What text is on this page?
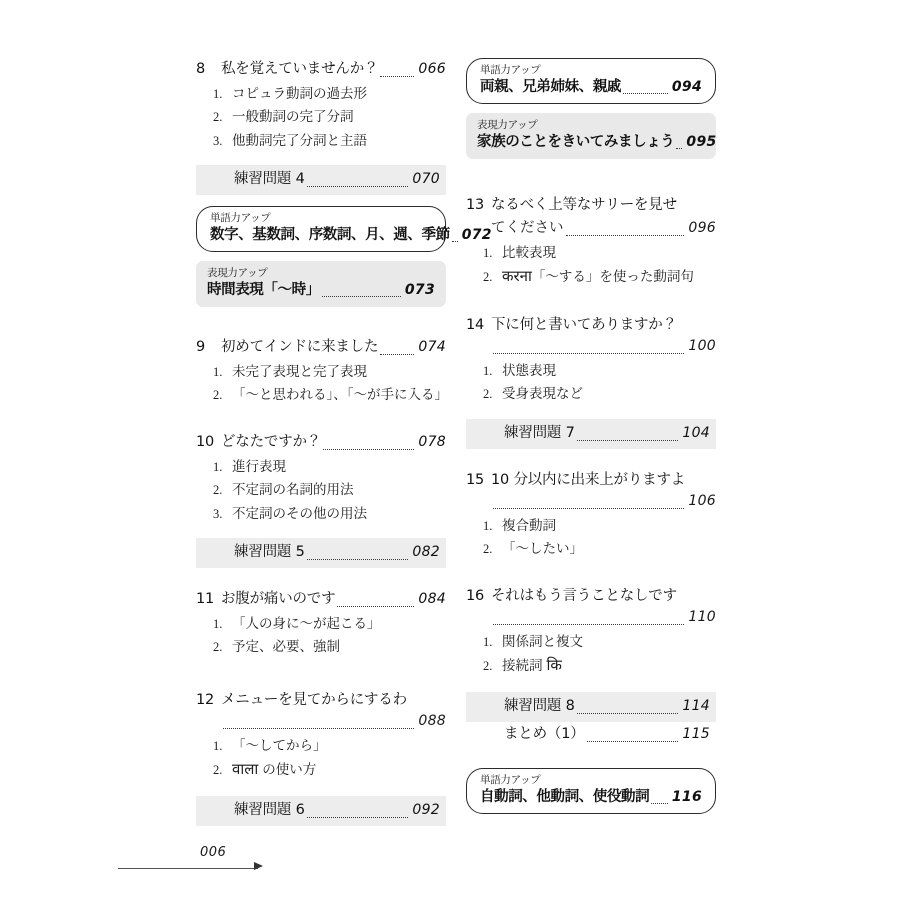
8	私を覚えていませんか？	066
1. コピュラ動詞の過去形
2. 一般動詞の完了分詞
3. 他動詞完了分詞と主語
練習問題 4	070
単語力アップ
数字、基数詞、序数詞、月、週、季節 072
表現力アップ
時間表現「～時」	073
9	初めてインドに来ました	074
1. 未完了表現と完了表現
2. 「～と思われる」、「～が手に入る」
10 どなたですか？	078
1. 進行表現
2. 不定詞の名詞的用法
3. 不定詞のその他の用法
練習問題 5	082
11 お腹が痛いのです	084
1. 「人の身に～が起こる」
2. 予定、必要、強制
12 メニューを見てからにするわ
088
1. 「～してから」
2. वाला の使い方
練習問題 6	092
単語力アップ
両親、兄弟姉妹、親戚	094
表現力アップ
家族のことをきいてみましょう 095
13 なるべく上等なサリーを見せ
てください	096
1. 比較表現
2. करना 「～する」を使った動詞句
14 下に何と書いてありますか？
100
1. 状態表現
2. 受身表現など
練習問題 7	104
15 10 分以内に出来上がりますよ
106
1. 複合動詞
2. 「～したい」
16 それはもう言うことなしです
110
1. 関係詞と複文
2. 接続詞 कि
練習問題 8	114
まとめ（1）	115
単語力アップ
自動詞、他動詞、使役動詞 116
006
